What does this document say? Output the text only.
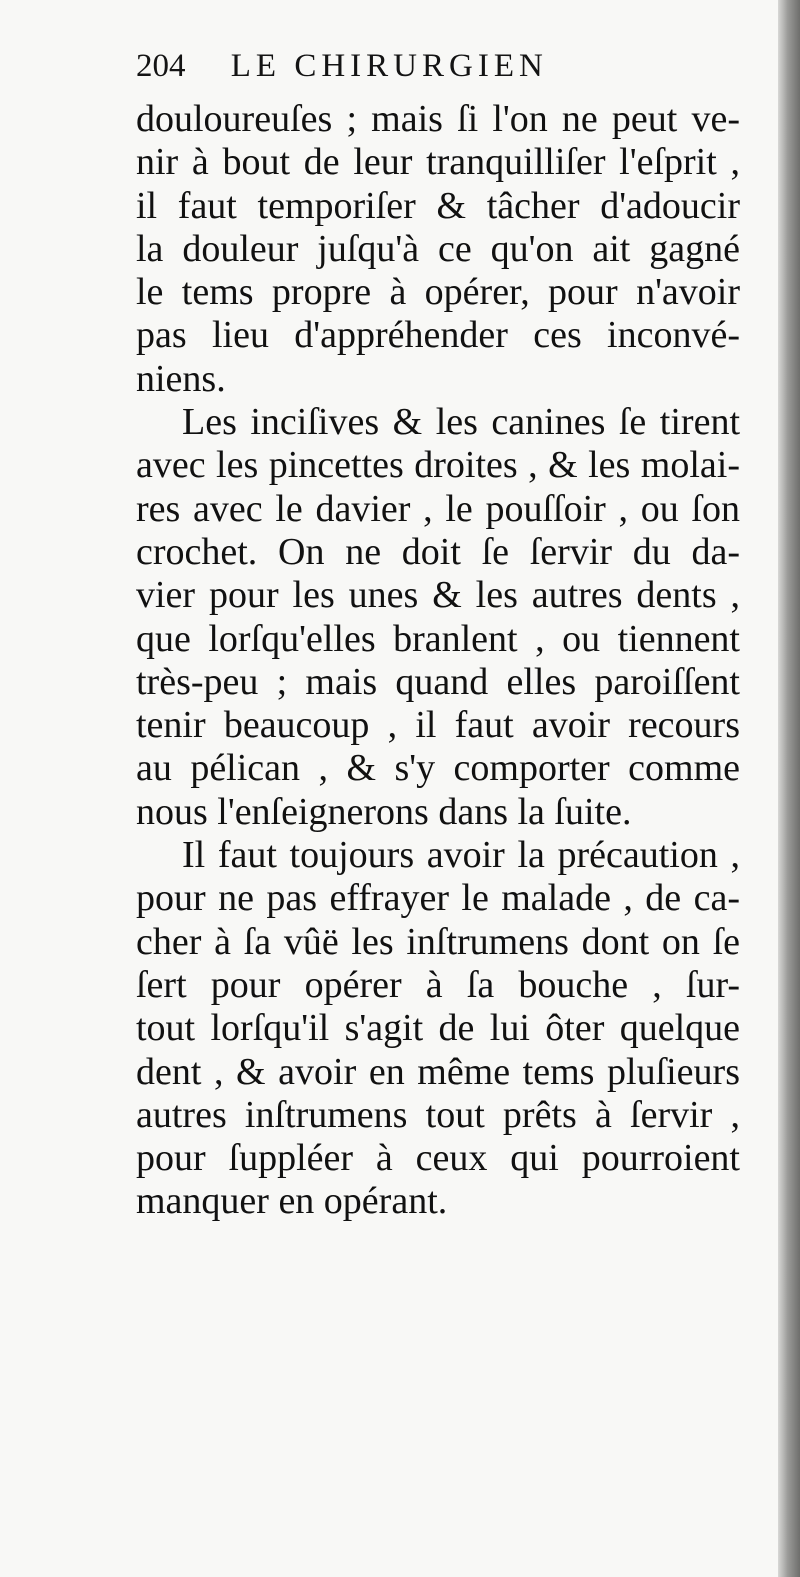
204 LE CHIRURGIEN
douloureuſes ; mais ſi l'on ne peut ve-
nir à bout de leur tranquilliſer l'eſprit ,
il faut temporiſer & tâcher d'adoucir
la douleur juſqu'à ce qu'on ait gagné
le tems propre à opérer, pour n'avoir
pas lieu d'appréhender ces inconvé-
niens.
Les inciſives & les canines ſe tirent
avec les pincettes droites , & les molai-
res avec le davier , le pouſſoir , ou ſon
crochet. On ne doit ſe ſervir du da-
vier pour les unes & les autres dents ,
que lorſqu'elles branlent , ou tiennent
très-peu ; mais quand elles paroiſſent
tenir beaucoup , il faut avoir recours
au pélican , & s'y comporter comme
nous l'enſeignerons dans la ſuite.
Il faut toujours avoir la précaution ,
pour ne pas effrayer le malade , de ca-
cher à ſa vûë les inſtrumens dont on ſe
ſert pour opérer à ſa bouche , ſur-
tout lorſqu'il s'agit de lui ôter quelque
dent , & avoir en même tems pluſieurs
autres inſtrumens tout prêts à ſervir ,
pour ſuppléer à ceux qui pourroient
manquer en opérant.
